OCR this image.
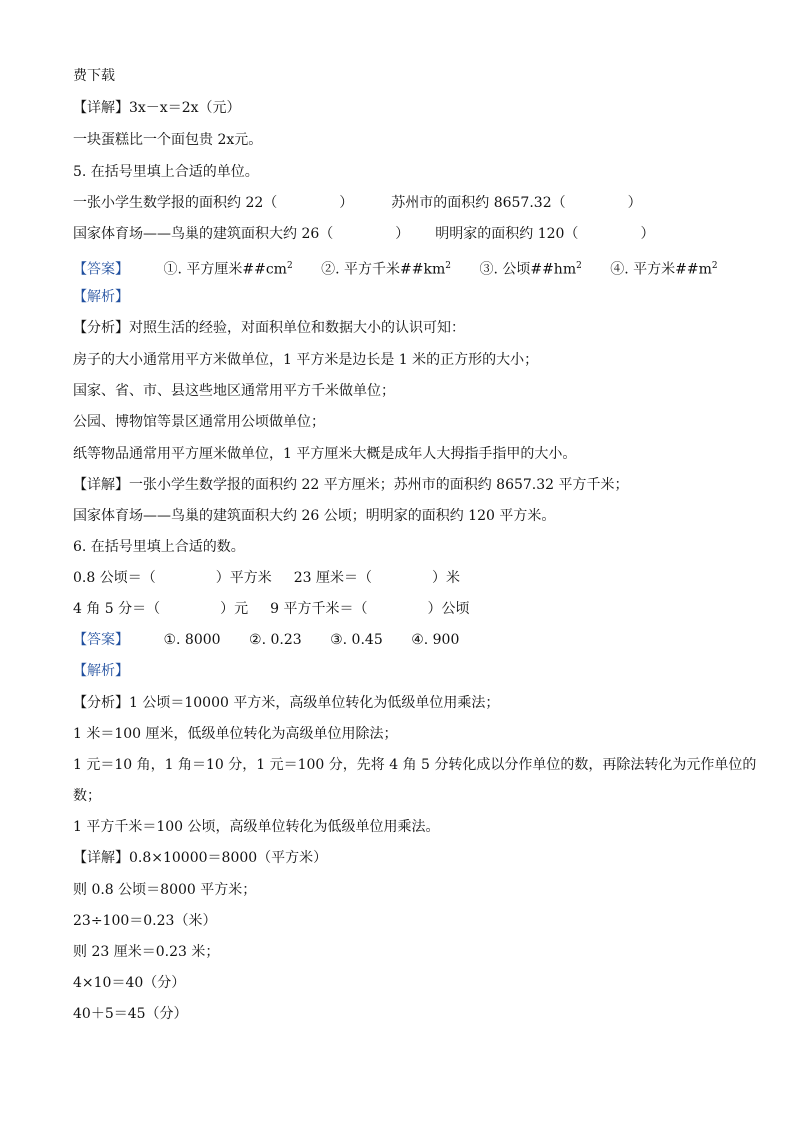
费下载
【详解】3x－x＝2x（元）
一块蛋糕比一个面包贵 2x元。
5. 在括号里填上合适的单位。
一张小学生数学报的面积约 22（	）	苏州市的面积约 8657.32（	）
国家体育场——鸟巢的建筑面积大约 26（	） 明明家的面积约 120（	）
【答案】 ①. 平方厘米$\#\#cm^2$ ②. 平方千米$\#\#km^2$ ③. 公顷$\#\#hm^2$ ④. 平方米$\#\#m^2$
【解析】
【分析】对照生活的经验，对面积单位和数据大小的认识可知：
房子的大小通常用平方米做单位，1 平方米是边长是 1 米的正方形的大小；
国家、省、市、县这些地区通常用平方千米做单位；
公园、博物馆等景区通常用公顷做单位；
纸等物品通常用平方厘米做单位，1 平方厘米大概是成年人大拇指手指甲的大小。
【详解】一张小学生数学报的面积约 22 平方厘米；苏州市的面积约 8657.32 平方千米；
国家体育场——鸟巢的建筑面积大约 26 公顷；明明家的面积约 120 平方米。
6. 在括号里填上合适的数。
0.8 公顷＝（	）平方米 23 厘米＝（	）米
4 角 5 分＝（	）元 9 平方千米＝（	）公顷
【答案】 ①. 8000 ②. 0.23 ③. 0.45 ④. 900
【解析】
【分析】1 公顷＝10000 平方米，高级单位转化为低级单位用乘法；
1 米＝100 厘米，低级单位转化为高级单位用除法；
1 元＝10 角，1 角＝10 分，1 元＝100 分，先将 4 角 5 分转化成以分作单位的数，再除法转化为元作单位的
数；
1 平方千米＝100 公顷，高级单位转化为低级单位用乘法。
【详解】0.8×10000＝8000（平方米）
则 0.8 公顷＝8000 平方米；
23÷100＝0.23（米）
则 23 厘米＝0.23 米；
4×10＝40（分）
40＋5＝45（分）
